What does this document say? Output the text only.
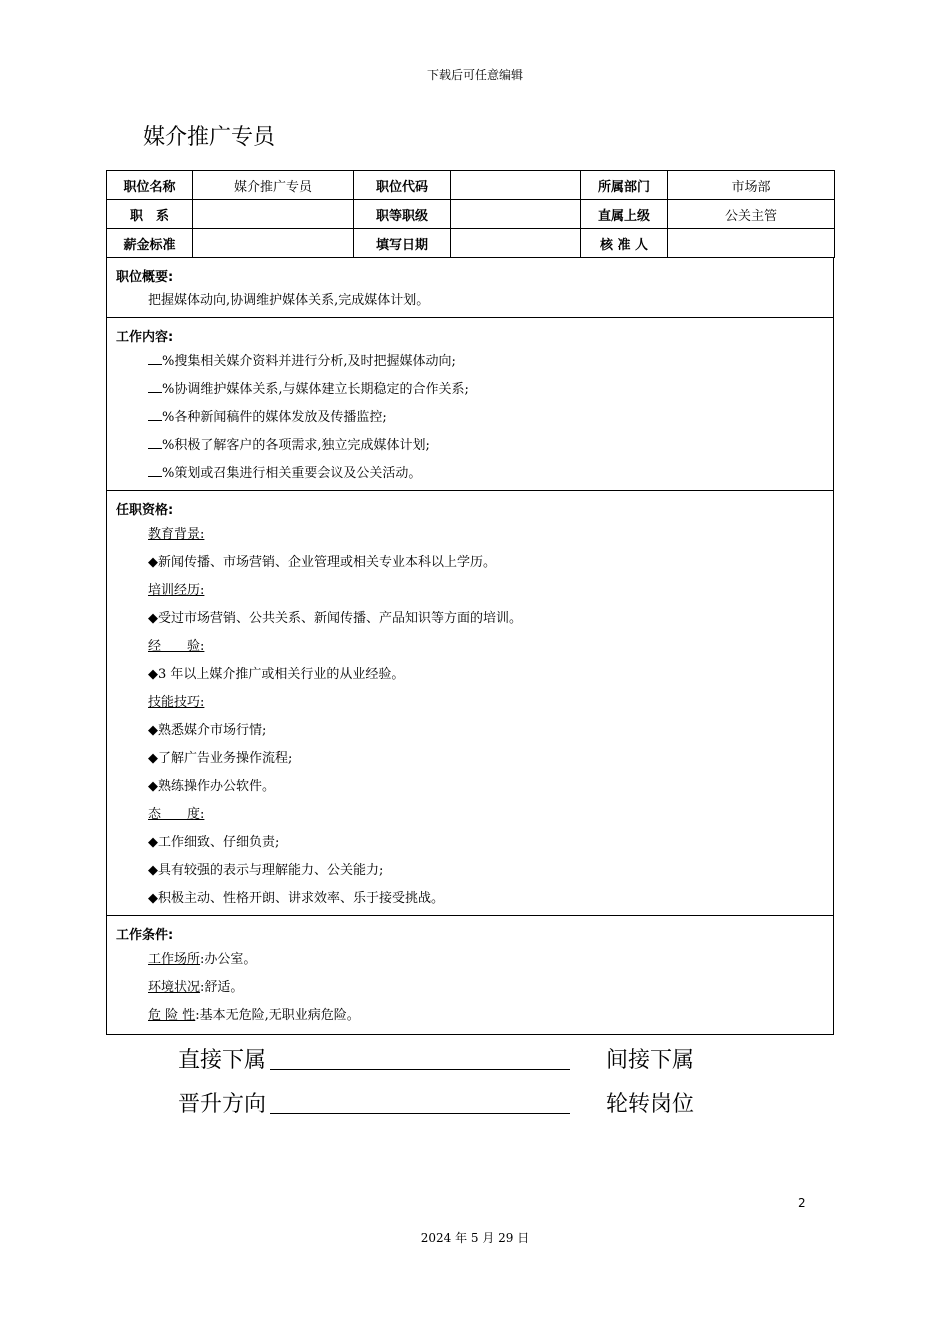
下载后可任意编辑
媒介推广专员
职位名称	媒介推广专员	职位代码		所属部门	市场部
职　系		职等职级		直属上级	公关主管
薪金标准		填写日期		核 准 人	
职位概要:
把握媒体动向,协调维护媒体关系,完成媒体计划。
工作内容:
%搜集相关媒介资料并进行分析,及时把握媒体动向;
%协调维护媒体关系,与媒体建立长期稳定的合作关系;
%各种新闻稿件的媒体发放及传播监控;
%积极了解客户的各项需求,独立完成媒体计划;
%策划或召集进行相关重要会议及公关活动。
任职资格:
教育背景:
◆新闻传播、市场营销、企业管理或相关专业本科以上学历。
培训经历:
◆受过市场营销、公共关系、新闻传播、产品知识等方面的培训。
经　　验:
◆3 年以上媒介推广或相关行业的从业经验。
技能技巧:
◆熟悉媒介市场行情;
◆了解广告业务操作流程;
◆熟练操作办公软件。
态　　度:
◆工作细致、仔细负责;
◆具有较强的表示与理解能力、公关能力;
◆积极主动、性格开朗、讲求效率、乐于接受挑战。
工作条件:
工作场所:办公室。
环境状况:舒适。
危 险 性:基本无危险,无职业病危险。
直接下属	间接下属
晋升方向	轮转岗位
2
2024 年 5 月 29 日
